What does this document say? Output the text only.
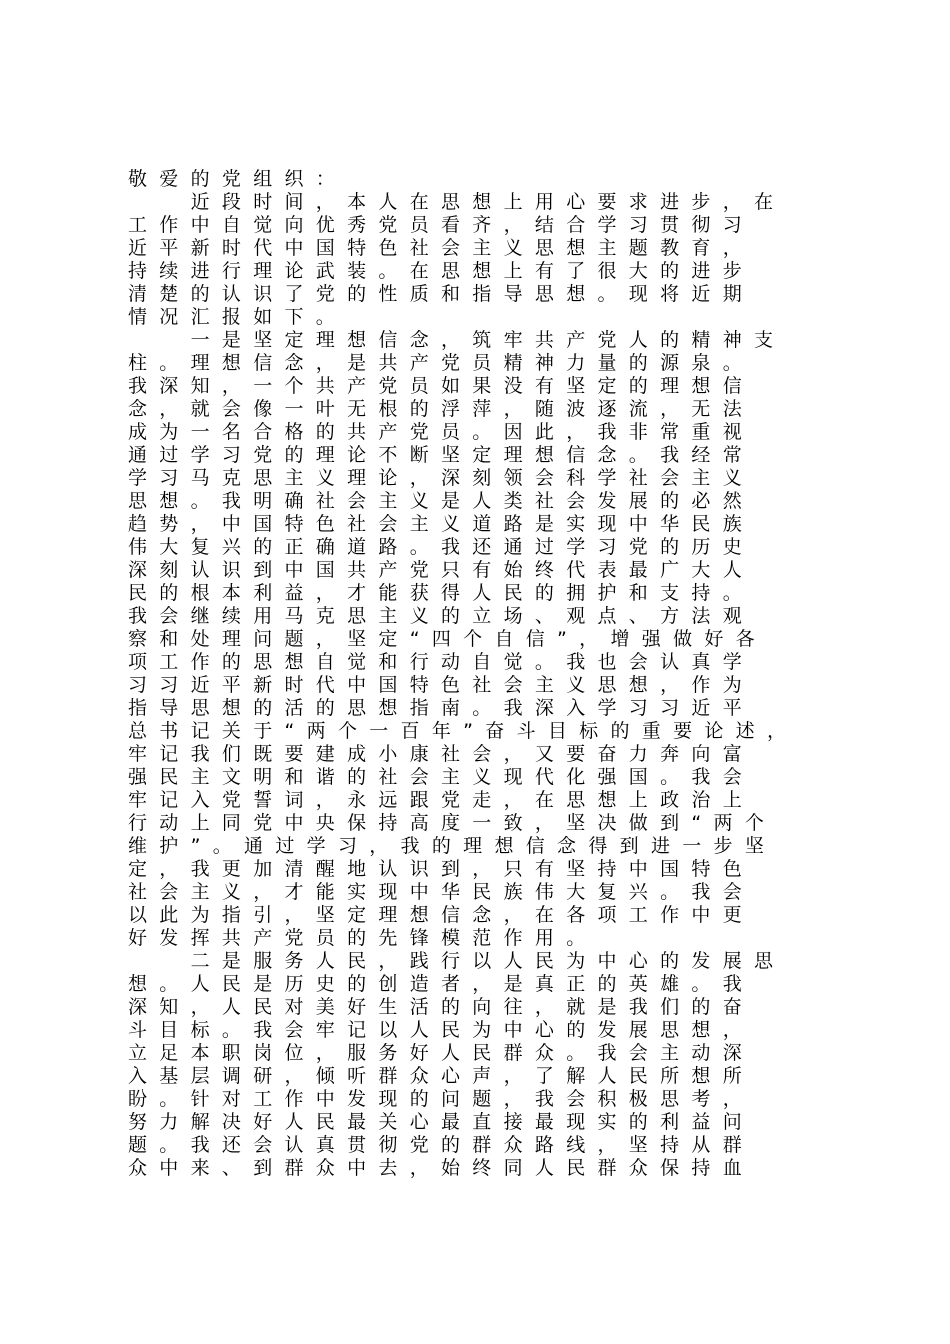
敬爱的党组织：
　　近段时间，本人在思想上用心要求进步，在
工作中自觉向优秀党员看齐，结合学习贯彻习
近平新时代中国特色社会主义思想主题教育，
持续进行理论武装。在思想上有了很大的进步
清楚的认识了党的性质和指导思想。现将近期
情况汇报如下。
　　一是坚定理想信念，筑牢共产党人的精神支
柱。理想信念，是共产党员精神力量的源泉。
我深知，一个共产党员如果没有坚定的理想信
念，就会像一叶无根的浮萍，随波逐流，无法
成为一名合格的共产党员。因此，我非常重视
通过学习党的理论不断坚定理想信念。我经常
学习马克思主义理论，深刻领会科学社会主义
思想。我明确社会主义是人类社会发展的必然
趋势，中国特色社会主义道路是实现中华民族
伟大复兴的正确道路。我还通过学习党的历史
深刻认识到中国共产党只有始终代表最广大人
民的根本利益，才能获得人民的拥护和支持。
我会继续用马克思主义的立场、观点、方法观
察和处理问题，坚定“四个自信”，增强做好各
项工作的思想自觉和行动自觉。我也会认真学
习习近平新时代中国特色社会主义思想，作为
指导思想的活的思想指南。我深入学习习近平
总书记关于“两个一百年”奋斗目标的重要论述，
牢记我们既要建成小康社会，又要奋力奔向富
强民主文明和谐的社会主义现代化强国。我会
牢记入党誓词，永远跟党走，在思想上政治上
行动上同党中央保持高度一致，坚决做到“两个
维护”。通过学习，我的理想信念得到进一步坚
定，我更加清醒地认识到，只有坚持中国特色
社会主义，才能实现中华民族伟大复兴。我会
以此为指引，坚定理想信念，在各项工作中更
好发挥共产党员的先锋模范作用。
　　二是服务人民，践行以人民为中心的发展思
想。人民是历史的创造者，是真正的英雄。我
深知，人民对美好生活的向往，就是我们的奋
斗目标。我会牢记以人民为中心的发展思想，
立足本职岗位，服务好人民群众。我会主动深
入基层调研，倾听群众心声，了解人民所想所
盼。针对工作中发现的问题，我会积极思考，
努力解决好人民最关心最直接最现实的利益问
题。我还会认真贯彻党的群众路线，坚持从群
众中来、到群众中去，始终同人民群众保持血
